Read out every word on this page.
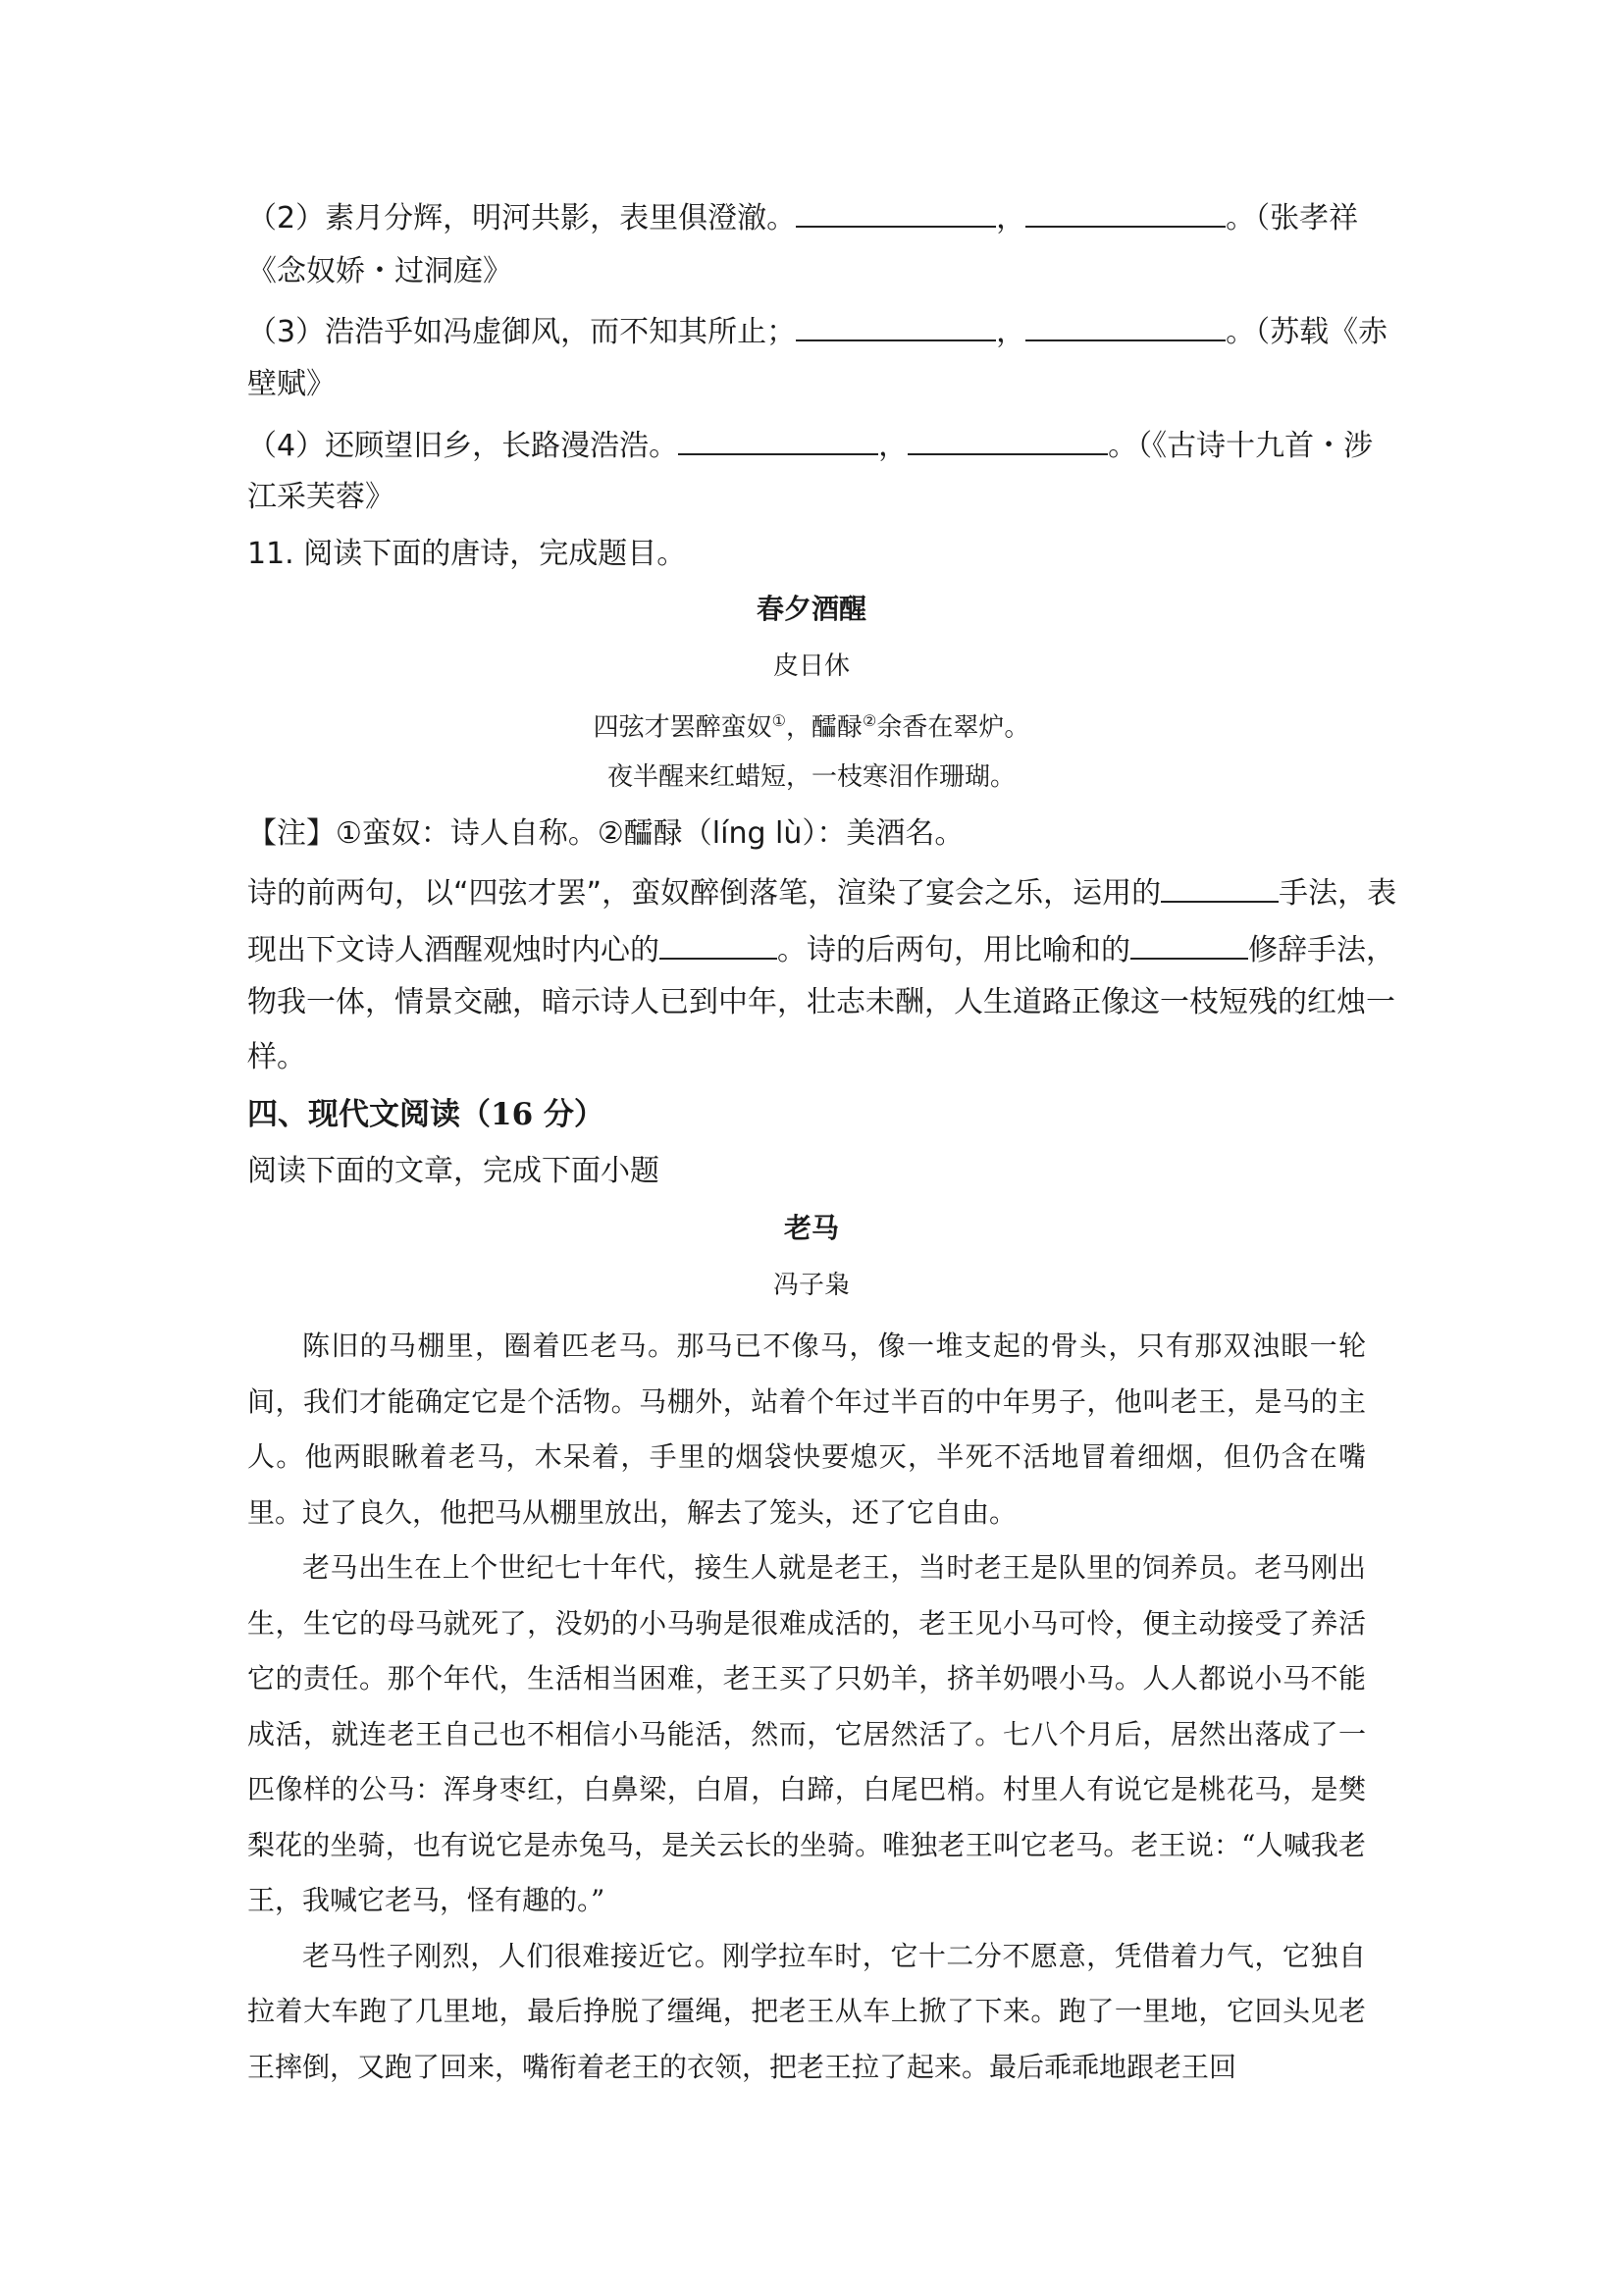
（2）素月分辉，明河共影，表里俱澄澈。	，	。（张孝祥
《念奴娇・过洞庭》
（3）浩浩乎如冯虚御风，而不知其所止；	，	。（苏载《赤
壁赋》
（4）还顾望旧乡，长路漫浩浩。	，	。（《古诗十九首・涉
江采芙蓉》
11. 阅读下面的唐诗，完成题目。
春夕酒醒
皮日休
四弦才罢醉蛮奴①，醽醁②余香在翠炉。
夜半醒来红蜡短，一枝寒泪作珊瑚。
【注】①蛮奴：诗人自称。②醽醁（líng lù）：美酒名。
诗的前两句，以“四弦才罢”，蛮奴醉倒落笔，渲染了宴会之乐，运用的	手法，表
现出下文诗人酒醒观烛时内心的	。诗的后两句，用比喻和的	修辞手法，
物我一体，情景交融，暗示诗人已到中年，壮志未酬，人生道路正像这一枝短残的红烛一
样。
四、现代文阅读（16 分）
阅读下面的文章，完成下面小题
老马
冯子枭

陈旧的马棚里，圈着匹老马。那马已不像马，像一堆支起的骨头，只有那双浊眼一轮间，我们才能确定它是个活物。马棚外，站着个年过半百的中年男子，他叫老王，是马的主人。他两眼瞅着老马，木呆着，手里的烟袋快要熄灭，半死不活地冒着细烟，但仍含在嘴里。过了良久，他把马从棚里放出，解去了笼头，还了它自由。

老马出生在上个世纪七十年代，接生人就是老王，当时老王是队里的饲养员。老马刚出生，生它的母马就死了，没奶的小马驹是很难成活的，老王见小马可怜，便主动接受了养活它的责任。那个年代，生活相当困难，老王买了只奶羊，挤羊奶喂小马。人人都说小马不能成活，就连老王自己也不相信小马能活，然而，它居然活了。七八个月后，居然出落成了一匹像样的公马：浑身枣红，白鼻梁，白眉，白蹄，白尾巴梢。村里人有说它是桃花马，是樊梨花的坐骑，也有说它是赤兔马，是关云长的坐骑。唯独老王叫它老马。老王说：“人喊我老王，我喊它老马，怪有趣的。”

老马性子刚烈，人们很难接近它。刚学拉车时，它十二分不愿意，凭借着力气，它独自拉着大车跑了几里地，最后挣脱了缰绳，把老王从车上掀了下来。跑了一里地，它回头见老王摔倒，又跑了回来，嘴衔着老王的衣领，把老王拉了起来。最后乖乖地跟老王回
